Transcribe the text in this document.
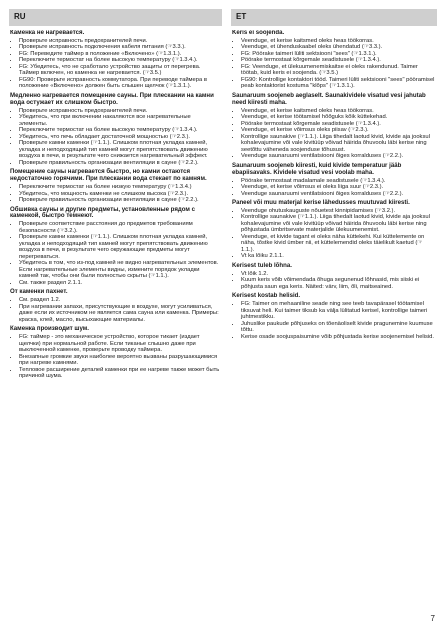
RU	ET
Каменка не нагревается.
• Проверьте исправность предохранителей печи.
• Проверьте исправность подключения кабеля питания (☞3.3.).
• FG: Переведите таймер в положение «Включено» (☞1.3.1.).
• Переключите термостат на более высокую температуру (☞1.3.4.).
• FG: Убедитесь, что не сработало устройство защиты от перегрева. Таймер включен, но каменка не нагревается. (☞3.5.)
• FG90: Проверьте исправность коммутатора. При переводе таймера в положение «Включено» должен быть слышен щелчок (☞1.3.1.).
Медленно нагревается помещение сауны. При плескании на камни вода остужает их слишком быстро.
• Проверьте исправность предохранителей печи.
• Убедитесь, что при включении накаляются все нагревательные элементы.
• Переключите термостат на более высокую температуру (☞1.3.4.).
• Убедитесь, что печь обладает достаточной мощностью (☞2.3.).
• Проверьте камни каменки (☞1.1.). Слишком плотная укладка камней, укладка и неподходящий тип камней могут препятствовать движению воздуха в печи, в результате чего снижается нагревательный эффект.
• Проверьте правильность организации вентиляции в сауне (☞2.2.).
Помещение сауны нагревается быстро, но камни остаются недостаточно горячими. При плескании вода стекает по камням.
• Переключите термостат на более низкую температуру (☞1.3.4.)
• Убедитесь, что мощность каменки не слишком высока (☞2.3.).
• Проверьте правильность организации вентиляции в сауне (☞2.2.).
Обшивка сауны и другие предметы, установленные рядом с каменкой, быстро темнеют.
• Проверьте соответствие расстояния до предметов требованиям безопасности (☞3.2.).
• Проверьте камни каменки (☞1.1.). Слишком плотная укладка камней, укладка и неподходящий тип камней могут препятствовать движению воздуха в печи, в результате чего окружающие предметы могут перегреваться.
• Убедитесь в том, что из-под камней не видно нагревательных элементов. Если нагревательные элементы видны, измените порядок укладки камней так, чтобы они были полностью скрыты (☞1.1.).
• См. также раздел 2.1.1.
От каменки пахнет.
• См. раздел 1.2.
• При нагревании запахи, присутствующие в воздухе, могут усиливаться, даже если их источником не является сама сауна или каменка. Примеры: краска, клей, масло, высыхающие материалы.
Каменка производит шум.
• FG: таймер - это механическое устройство, которое тикает (издает щелчки) при нормальной работе. Если тиканье слышно даже при выключенной каменке, проверьте проводку таймера.
• Внезапные громкие звуки наиболее вероятно вызваны разрушающимися при нагреве камнями.
• Тепловое расширение деталей каменки при ее нагреве также может быть причиной шума.
Keris ei soojenda.
• Veenduge, et kerise kaitsmed oleks heas töökorras.
• Veenduge, et ühenduskaabel oleks ühendatud (☞3.3.).
• FG: Pöörake taimeri lüliti sektsiooni "sees" (☞1.3.1.).
• Pöörake termostaat kõrgemale seadistusele (☞1.3.4.).
• FG: Veenduge, et ülekuumenemiskaitse ei oleks rakendunud. Taimer töötab, kuid keris ei soojenda. (☞3.5.)
• FG90: Kontrollige kontaktori tööd. Taimeri lüliti sektsiooni "sees" pööramisel peab kontaktorist kostuma "klõps" (☞1.3.1.).
Saunaruum soojeneb aeglaselt. Saunakividele visatud vesi jahutab need kiiresti maha.
• Veenduge, et kerise kaitsmed oleks heas töökorras.
• Veenduge, et kerise töötamisel hõõguks kõik küttekehad.
• Pöörake termostaat kõrgemale seadistusele (☞1.3.4.).
• Veenduge, et kerise võimsus oleks piisav (☞2.3.).
• Kontrollige saunakive (☞1.1.). Liiga tihedalt laotud kivid, kivide aja jooksul kohalevajumine või vale kivitüüp võivad häirida õhuvoolu läbi kerise ning seetõttu väheneda soojenduse tõhusust.
• Veenduge saunaruumi ventilatsiooni õiges korralduses (☞2.2.).
Saunaruum soojeneb kiiresti, kuid kivide temperatuur jääb ebapiisavaks. Kividele visatud vesi voolab maha.
• Pöörake termostaat madalamale seadistusele (☞1.3.4.).
• Veenduge, et kerise võimsus ei oleks liiga suur (☞2.3.).
• Veenduge saunaruumi ventilatsiooni õiges korralduses (☞2.2.).
Paneel või muu materjal kerise lähedusses muutuvad kiiresti.
• Veenduge ohutuskauguste nõuetest kinnipidamises (☞3.2.).
• Kontrollige saunakive (☞1.1.). Liiga tihedalt laotud kivid, kivide aja jooksul kohalevajumine või vale kivitüüp võivad häirida õhuvoolu läbi kerise ning põhjustada ümbritsevate materjalide ülekuumenemist.
• Veenduge, et kivide tagant ei oleks näha küttekehi. Kui küttelemente on näha, tõstke kivid ümber nii, et küttelemendid oleks täielikult kaetud (☞1.1.).
• Vt ka lõiku 2.1.1.
Kerisest tuleb lõhna.
• Vt lõik 1.2.
• Kuum keris võib võimendada õhuga segunenud lõhnasid, mis siiski ei põhjusta saun ega keris. Näited: värv, liim, õli, maitseained.
Kerisest kostab helisid.
• FG: Taimer on mehaaniline seade ning see teeb tavapärasel töötamisel tiksuvat heli. Kui taimer tiksub ka välja lülitatud kerisel, kontrollige taimeri juhtmestikku.
• Juhuslike paukude põhjuseks on tõenäoliselt kivide praguneminе kuumuse tõttu.
• Kerise osade soojuspaisumine võib põhjustada kerise soojenemisel helisid.
7
